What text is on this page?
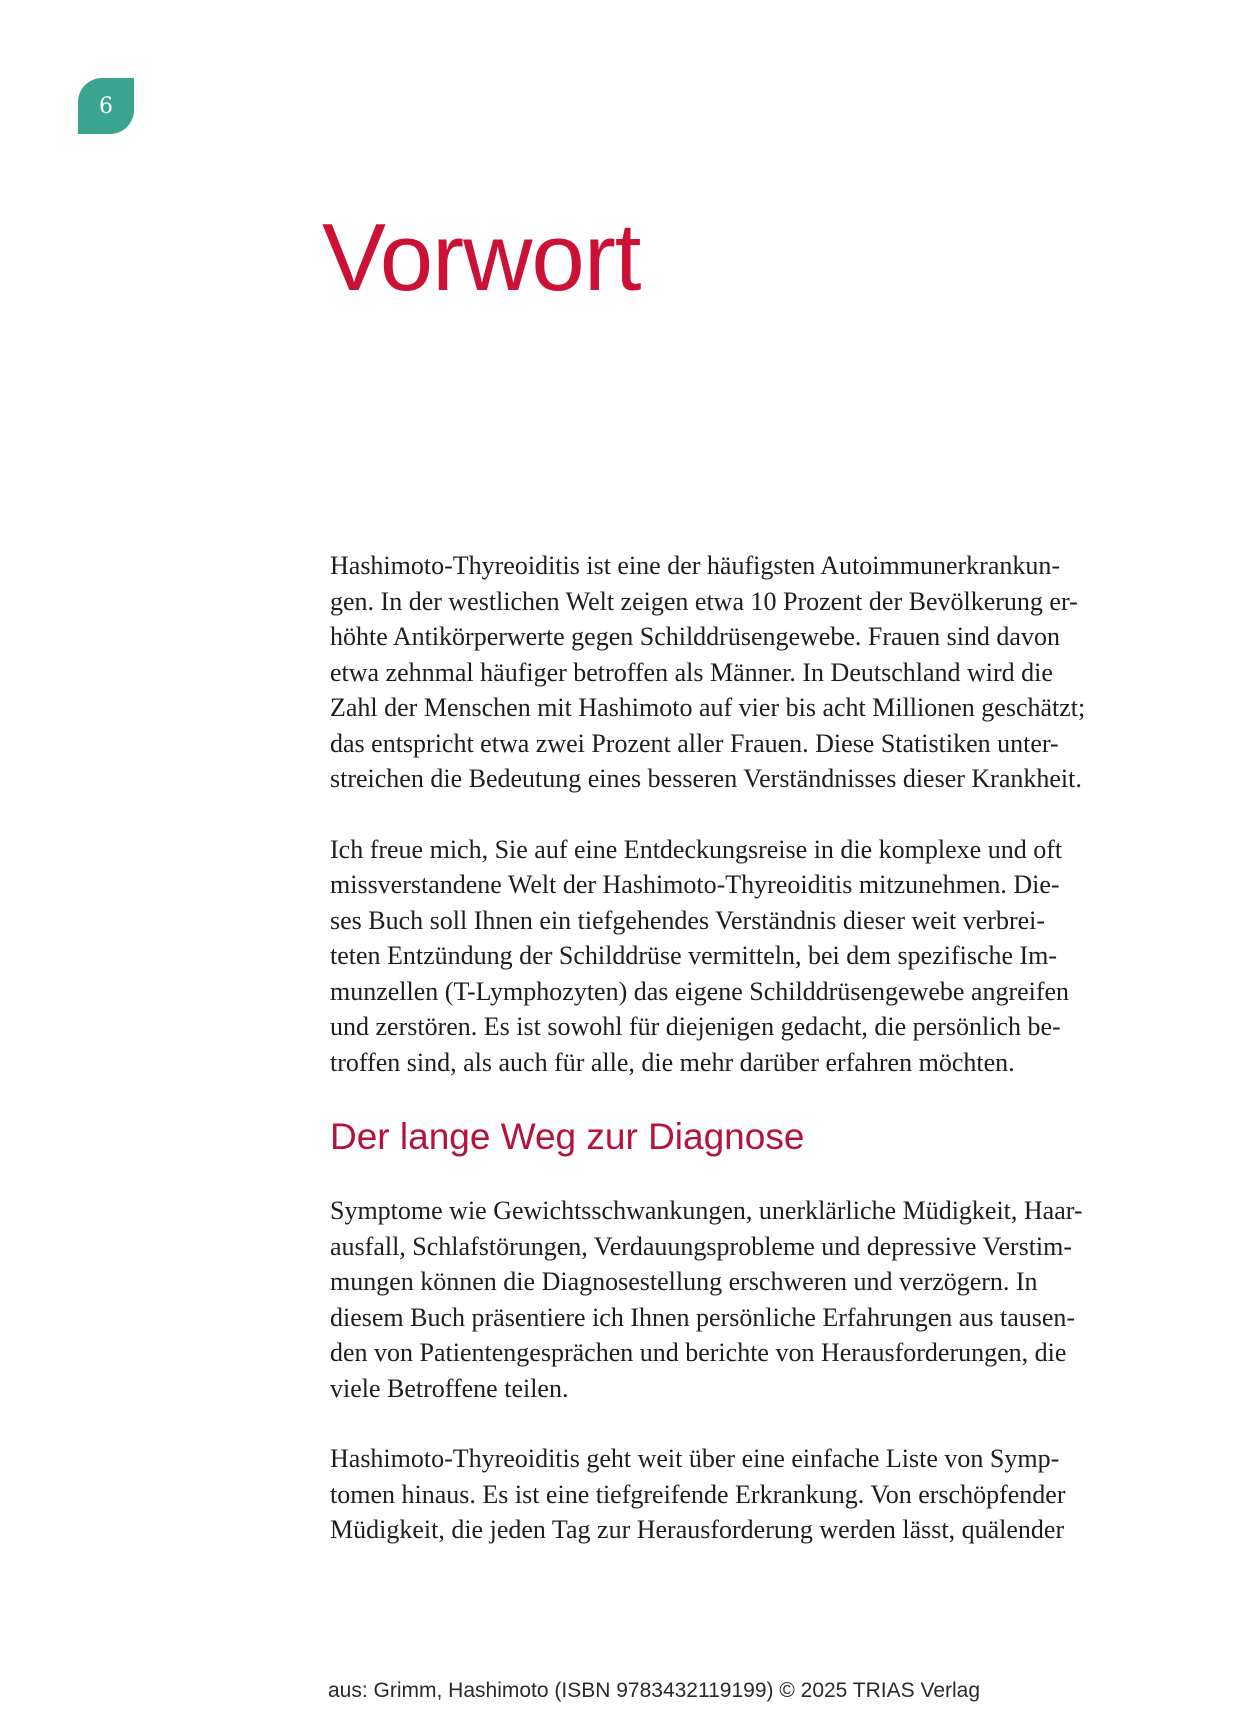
6
Vorwort

Hashimoto-Thyreoiditis ist eine der häufigsten Autoimmunerkrankun-
gen. In der westlichen Welt zeigen etwa 10 Prozent der Bevölkerung er-
höhte Antikörperwerte gegen Schilddrüsengewebe. Frauen sind davon
etwa zehnmal häufiger betroffen als Männer. In Deutschland wird die
Zahl der Menschen mit Hashimoto auf vier bis acht Millionen geschätzt;
das entspricht etwa zwei Prozent aller Frauen. Diese Statistiken unter-
streichen die Bedeutung eines besseren Verständnisses dieser Krankheit.

Ich freue mich, Sie auf eine Entdeckungsreise in die komplexe und oft
missverstandene Welt der Hashimoto-Thyreoiditis mitzunehmen. Die-
ses Buch soll Ihnen ein tiefgehendes Verständnis dieser weit verbrei-
teten Entzündung der Schilddrüse vermitteln, bei dem spezifische Im-
munzellen (T-Lymphozyten) das eigene Schilddrüsengewebe angreifen
und zerstören. Es ist sowohl für diejenigen gedacht, die persönlich be-
troffen sind, als auch für alle, die mehr darüber erfahren möchten.

Der lange Weg zur Diagnose

Symptome wie Gewichtsschwankungen, unerklärliche Müdigkeit, Haar-
ausfall, Schlafstörungen, Verdauungsprobleme und depressive Verstim-
mungen können die Diagnosestellung erschweren und verzögern. In
diesem Buch präsentiere ich Ihnen persönliche Erfahrungen aus tausen-
den von Patientengesprächen und berichte von Herausforderungen, die
viele Betroffene teilen.

Hashimoto-Thyreoiditis geht weit über eine einfache Liste von Symp-
tomen hinaus. Es ist eine tiefgreifende Erkrankung. Von erschöpfender
Müdigkeit, die jeden Tag zur Herausforderung werden lässt, quälender

aus: Grimm, Hashimoto (ISBN 9783432119199) © 2025 TRIAS Verlag
